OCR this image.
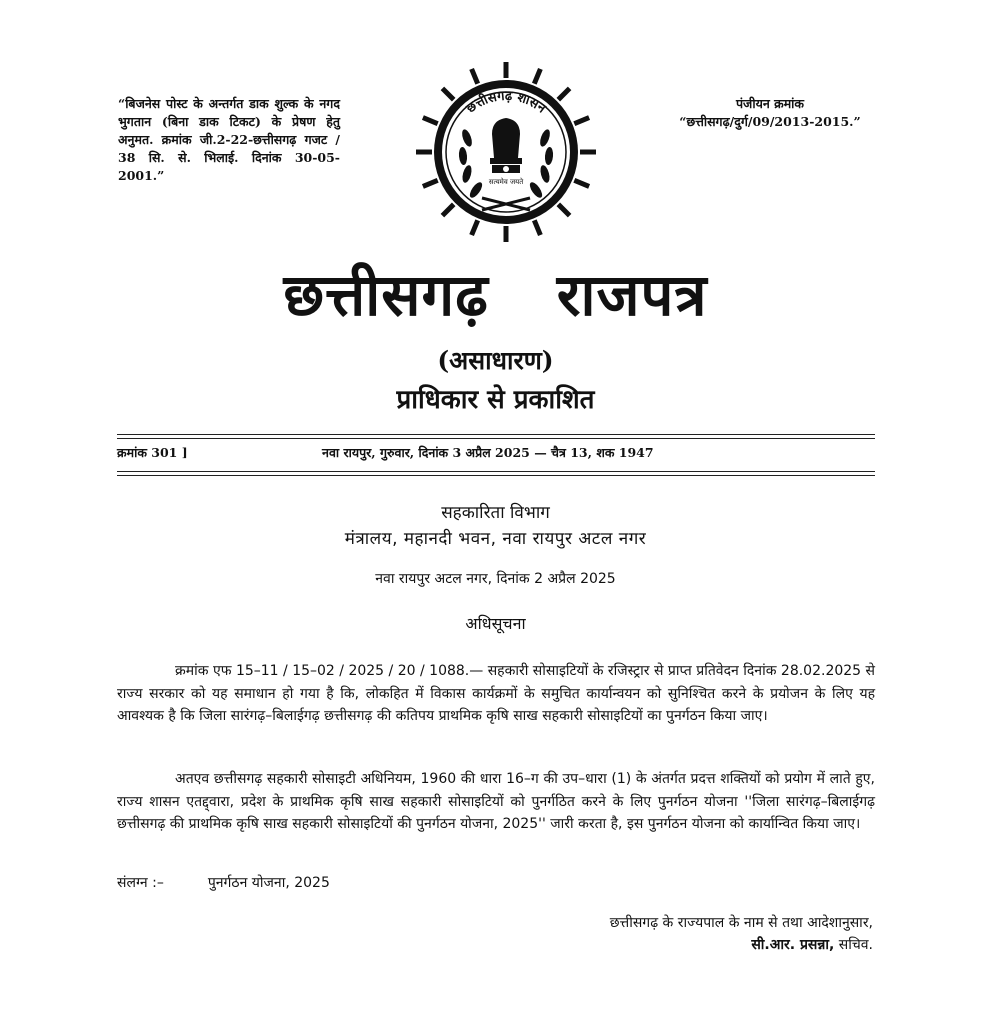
“बिजनेस पोस्ट के अन्तर्गत डाक शुल्क के नगद भुगतान (बिना डाक टिकट) के प्रेषण हेतु अनुमत. क्रमांक जी.2-22-छत्तीसगढ़ गजट / 38 सि. से. भिलाई. दिनांक 30-05-2001.”
पंजीयन क्रमांक
“छत्तीसगढ़/दुर्ग/09/2013-2015.”
छत्तीसगढ़ शासन
सत्यमेव जयते
छत्तीसगढ़ राजपत्र
(असाधारण)
प्राधिकार से प्रकाशित
क्रमांक 301 ]	नवा रायपुर, गुरुवार, दिनांक 3 अप्रैल 2025 — चैत्र 13, शक 1947
सहकारिता विभाग
मंत्रालय, महानदी भवन, नवा रायपुर अटल नगर
नवा रायपुर अटल नगर, दिनांक 2 अप्रैल 2025
अधिसूचना

क्रमांक एफ 15–11 / 15–02 / 2025 / 20 / 1088.— सहकारी सोसाइटियों के रजिस्ट्रार से प्राप्त प्रतिवेदन दिनांक 28.02.2025 से राज्य सरकार को यह समाधान हो गया है कि, लोकहित में विकास कार्यक्रमों के समुचित कार्यान्वयन को सुनिश्चित करने के प्रयोजन के लिए यह आवश्यक है कि जिला सारंगढ़–बिलाईगढ़ छत्तीसगढ़ की कतिपय प्राथमिक कृषि साख सहकारी सोसाइटियों का पुनर्गठन किया जाए।

अतएव छत्तीसगढ़ सहकारी सोसाइटी अधिनियम, 1960 की धारा 16–ग की उप–धारा (1) के अंतर्गत प्रदत्त शक्तियों को प्रयोग में लाते हुए, राज्य शासन एतद्द्वारा, प्रदेश के प्राथमिक कृषि साख सहकारी सोसाइटियों को पुनर्गठित करने के लिए पुनर्गठन योजना ''जिला सारंगढ़–बिलाईगढ़ छत्तीसगढ़ की प्राथमिक कृषि साख सहकारी सोसाइटियों की पुनर्गठन योजना, 2025'' जारी करता है, इस पुनर्गठन योजना को कार्यान्वित किया जाए।

संलग्न :–	पुनर्गठन योजना, 2025
छत्तीसगढ़ के राज्यपाल के नाम से तथा आदेशानुसार,
सी.आर. प्रसन्ना, सचिव.
